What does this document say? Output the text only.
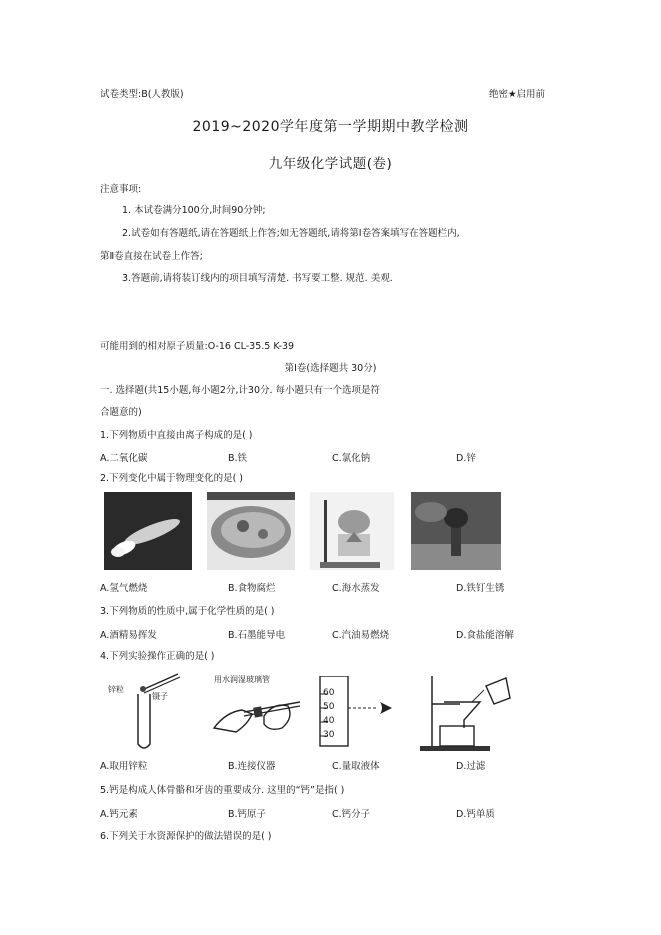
试卷类型:B(人教版)	绝密★启用前
2019~2020学年度第一学期期中教学检测
九年级化学试题(卷)
注意事项:
1. 本试卷满分100分,时间90分钟;
2.试卷如有答题纸,请在答题纸上作答;如无答题纸,请将第Ⅰ卷答案填写在答题栏内,
第Ⅱ卷直接在试卷上作答;
3.答题前,请将装订线内的项目填写清楚. 书写要工整. 规范. 美观.
可能用到的相对原子质量:O-16 CL-35.5 K-39
第Ⅰ卷(选择题共 30分)
一. 选择题(共15小题,每小题2分,计30分. 每小题只有一个选项是符
合题意的)
1.下列物质中直接由离子构成的是( )
A.二氧化碳	B.铁	C.氯化钠	D.锌
2.下列变化中属于物理变化的是( )
A.氢气燃烧	B.食物腐烂	C.海水蒸发	D.铁钉生锈
3.下列物质的性质中,属于化学性质的是( )
A.酒精易挥发	B.石墨能导电	C.汽油易燃烧	D.食盐能溶解
4.下列实验操作正确的是( )
锌粒
镊子
用水润湿玻璃管
60
50
40
30
A.取用锌粒	B.连接仪器	C.量取液体	D.过滤
5.钙是构成人体骨骼和牙齿的重要成分. 这里的“钙”是指( )
A.钙元素	B.钙原子	C.钙分子	D.钙单质
6.下列关于水资源保护的做法错误的是( )
